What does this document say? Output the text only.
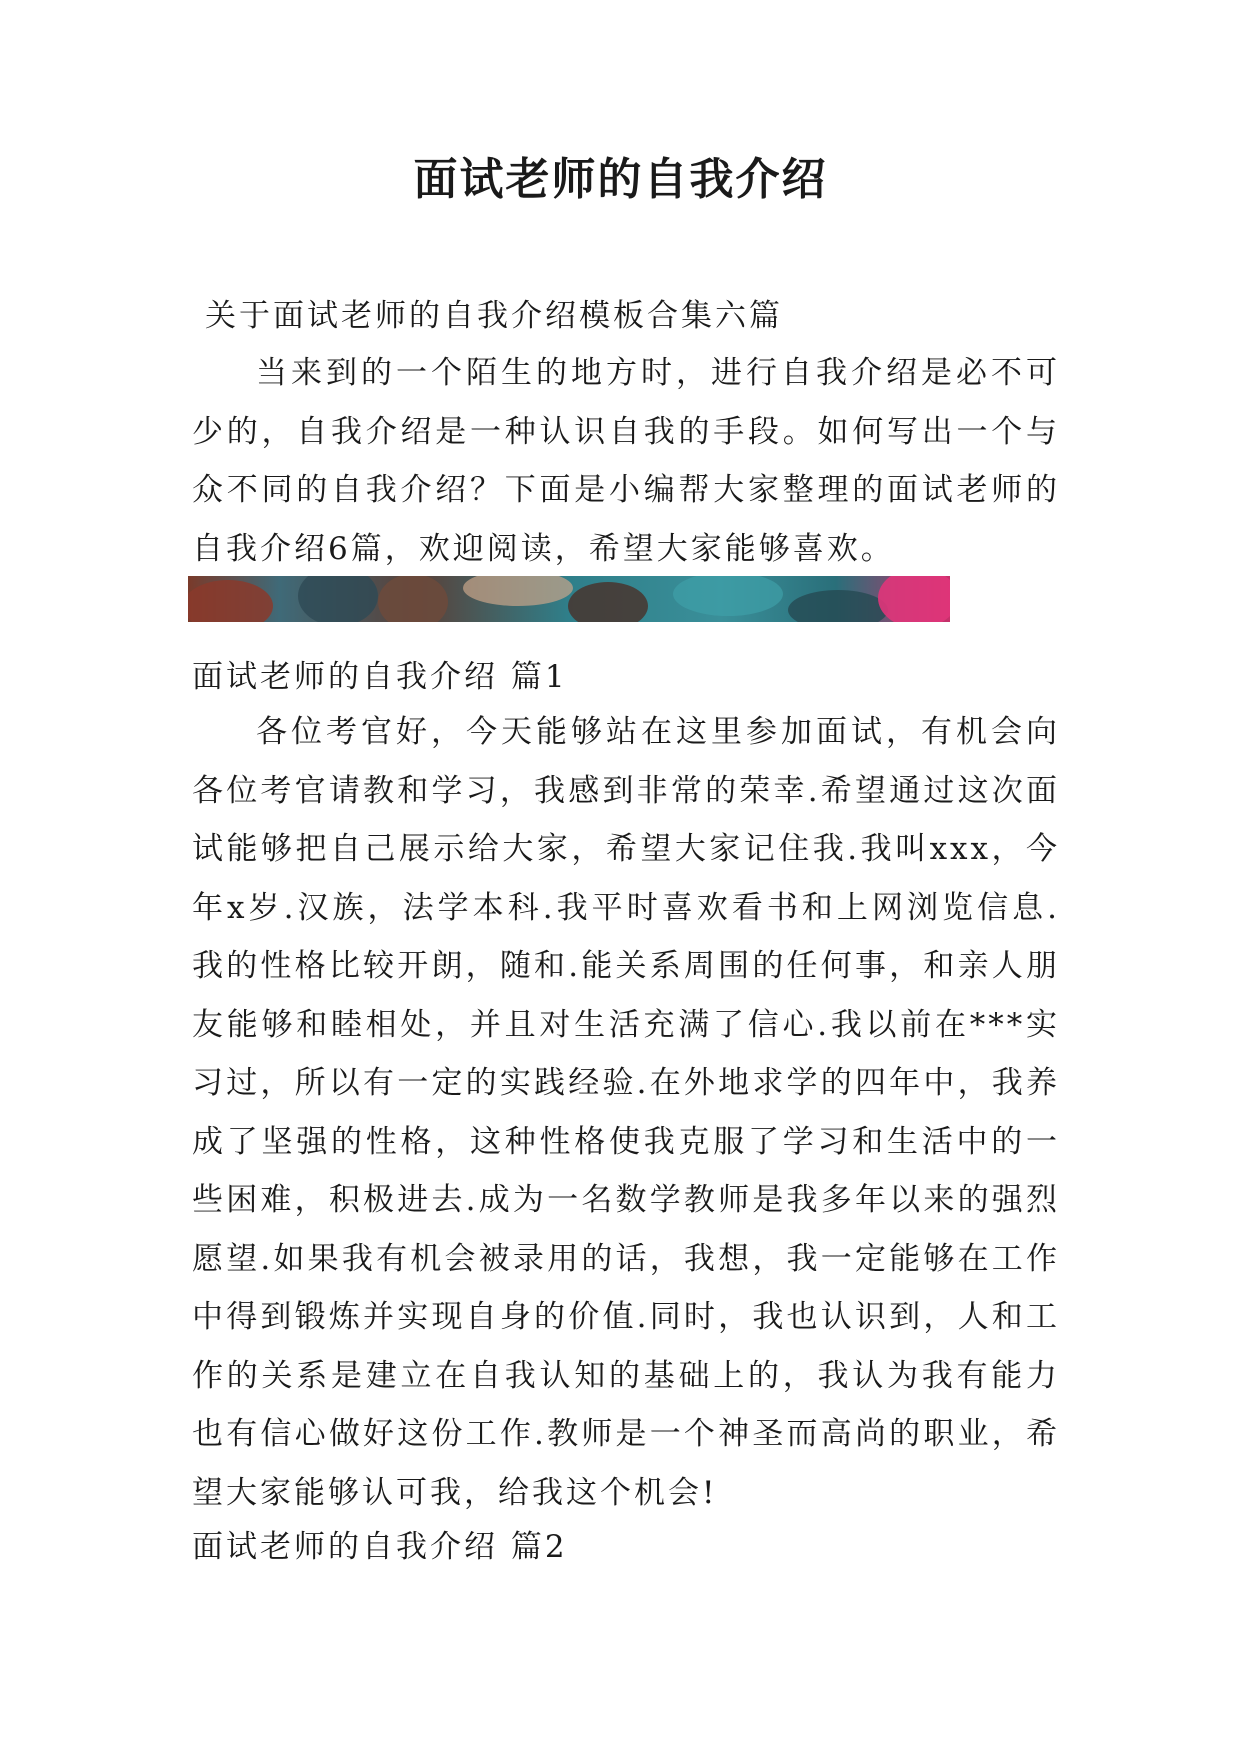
面试老师的自我介绍

关于面试老师的自我介绍模板合集六篇

当来到的一个陌生的地方时，进行自我介绍是必不可少的，自我介绍是一种认识自我的手段。如何写出一个与众不同的自我介绍？下面是小编帮大家整理的面试老师的自我介绍6篇，欢迎阅读，希望大家能够喜欢。

面试老师的自我介绍 篇1

各位考官好，今天能够站在这里参加面试，有机会向各位考官请教和学习，我感到非常的荣幸.希望通过这次面试能够把自己展示给大家，希望大家记住我.我叫xxx，今年x岁.汉族，法学本科.我平时喜欢看书和上网浏览信息.我的性格比较开朗，随和.能关系周围的任何事，和亲人朋友能够和睦相处，并且对生活充满了信心.我以前在***实习过，所以有一定的实践经验.在外地求学的四年中，我养成了坚强的性格，这种性格使我克服了学习和生活中的一些困难，积极进去.成为一名数学教师是我多年以来的强烈愿望.如果我有机会被录用的话，我想，我一定能够在工作中得到锻炼并实现自身的价值.同时，我也认识到，人和工作的关系是建立在自我认知的基础上的，我认为我有能力也有信心做好这份工作.教师是一个神圣而高尚的职业，希望大家能够认可我，给我这个机会!

面试老师的自我介绍 篇2
